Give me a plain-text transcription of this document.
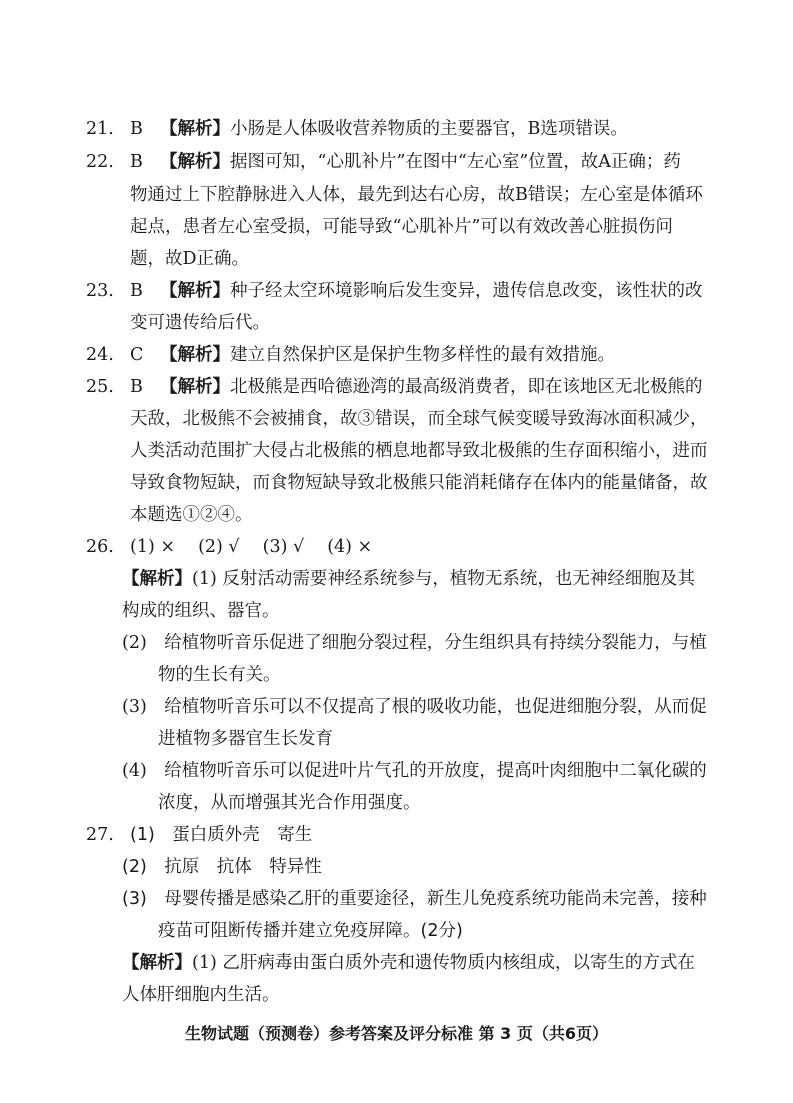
21. B 【解析】小肠是人体吸收营养物质的主要器官，B选项错误。
22. B 【解析】据图可知，“心肌补片”在图中“左心室”位置，故A正确；药
物通过上下腔静脉进入人体，最先到达右心房，故B错误；左心室是体循环
起点，患者左心室受损，可能导致“心肌补片”可以有效改善心脏损伤问
题，故D正确。
23. B 【解析】种子经太空环境影响后发生变异，遗传信息改变，该性状的改
变可遗传给后代。
24. C 【解析】建立自然保护区是保护生物多样性的最有效措施。
25. B 【解析】北极熊是西哈德逊湾的最高级消费者，即在该地区无北极熊的
天敌，北极熊不会被捕食，故③错误，而全球气候变暖导致海冰面积减少，
人类活动范围扩大侵占北极熊的栖息地都导致北极熊的生存面积缩小，进而
导致食物短缺，而食物短缺导致北极熊只能消耗储存在体内的能量储备，故
本题选①②④。
26. (1) ×　 (2) √　 (3) √　 (4) ×
【解析】(1) 反射活动需要神经系统参与，植物无系统，也无神经细胞及其
构成的组织、器官。
(2)　给植物听音乐促进了细胞分裂过程，分生组织具有持续分裂能力，与植
物的生长有关。
(3)　给植物听音乐可以不仅提高了根的吸收功能，也促进细胞分裂，从而促
进植物多器官生长发育
(4)　给植物听音乐可以促进叶片气孔的开放度，提高叶肉细胞中二氧化碳的
浓度，从而增强其光合作用强度。
27. (1)　蛋白质外壳　寄生
(2)　抗原　抗体　特异性
(3)　母婴传播是感染乙肝的重要途径，新生儿免疫系统功能尚未完善，接种
疫苗可阻断传播并建立免疫屏障。(2分)
【解析】(1) 乙肝病毒由蛋白质外壳和遗传物质内核组成，以寄生的方式在
人体肝细胞内生活。
生物试题（预测卷）参考答案及评分标准 第 3 页（共6页）
